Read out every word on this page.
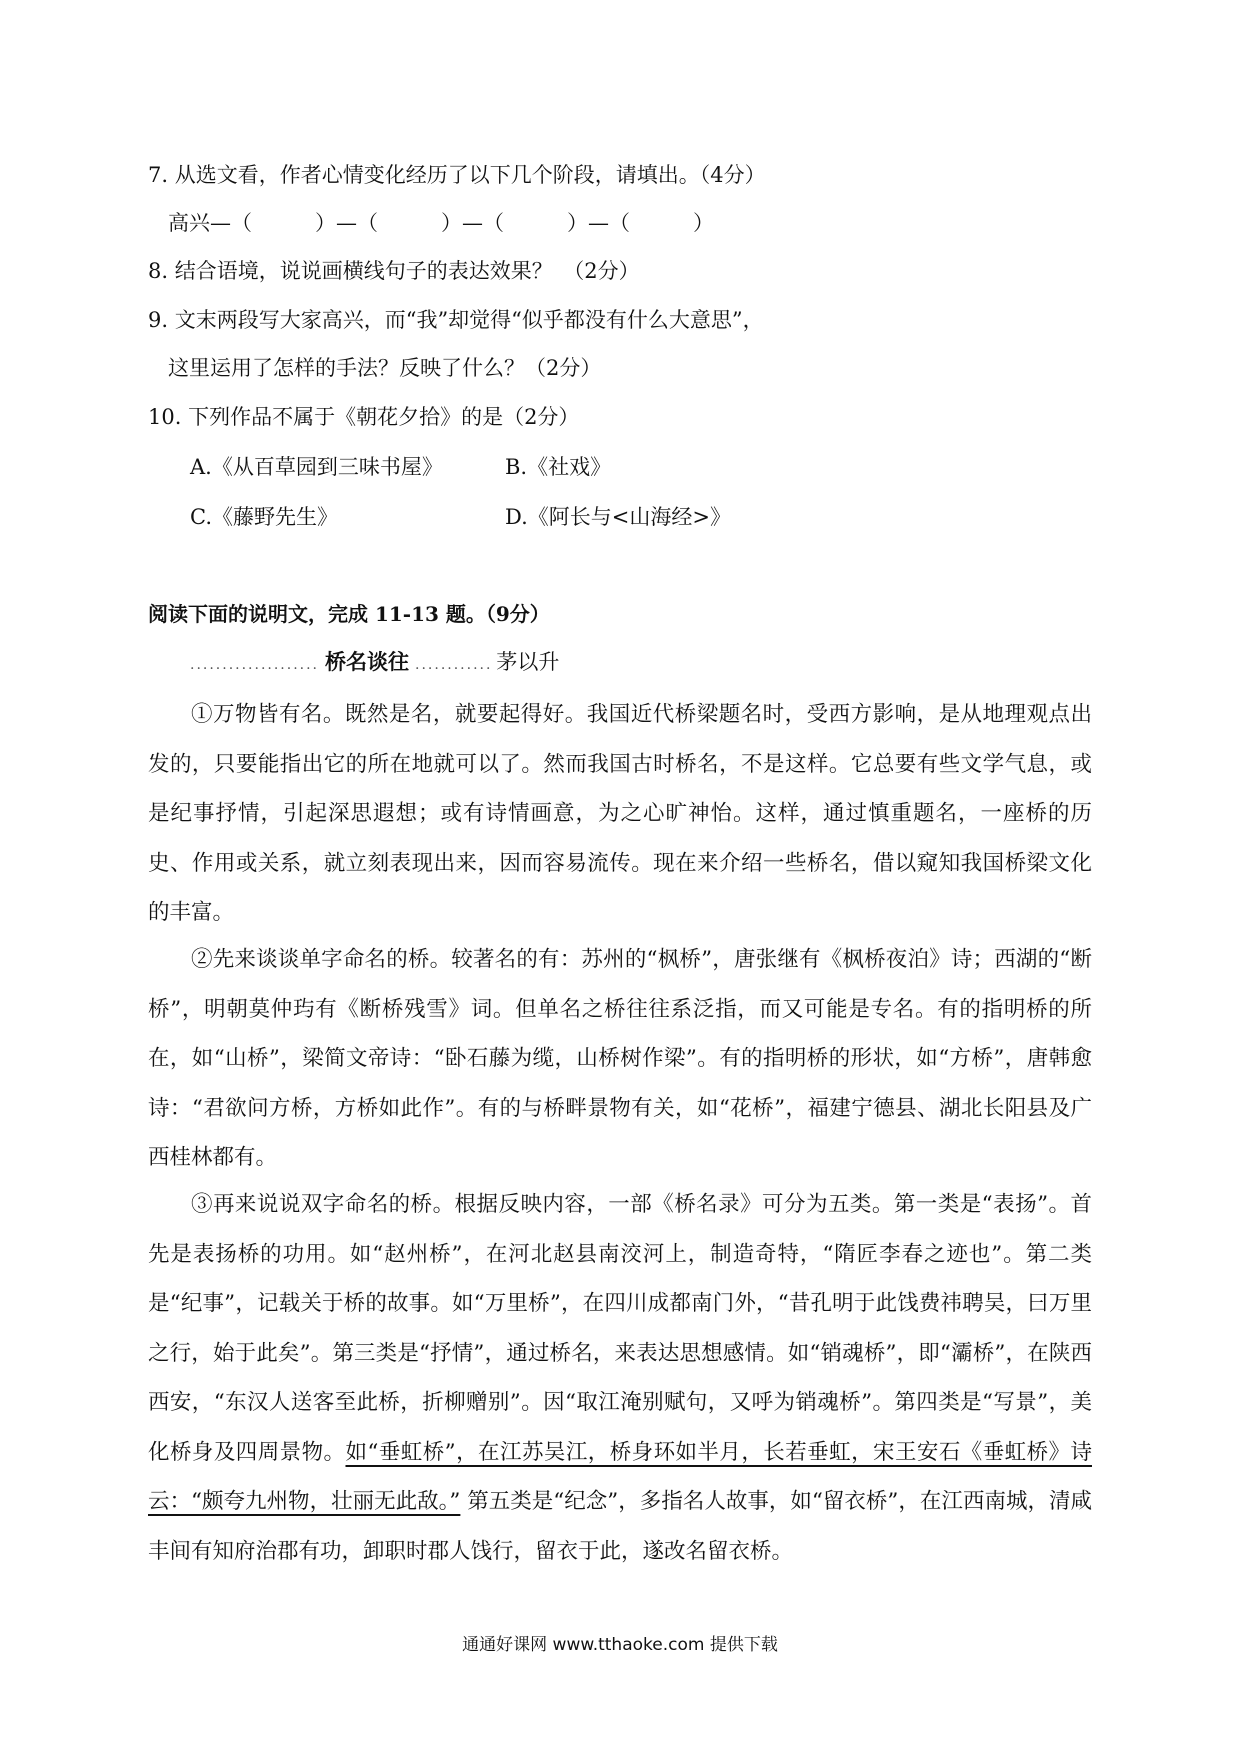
7. 从选文看，作者心情变化经历了以下几个阶段，请填出。（4分）
高兴—（　　　）—（　　　）—（　　　）—（　　　）
8. 结合语境，说说画横线句子的表达效果？　（2分）
9. 文末两段写大家高兴，而“我”却觉得“似乎都没有什么大意思”，
这里运用了怎样的手法？反映了什么？（2分）
10. 下列作品不属于《朝花夕拾》的是（2分）
A.《从百草园到三味书屋》	B.《社戏》
C.《藤野先生》	D.《阿长与<山海经>》
阅读下面的说明文，完成 11-13 题。（9分）
.................... 桥名谈往 ............ 茅以升

①万物皆有名。既然是名，就要起得好。我国近代桥梁题名时，受西方影响，是从地理观点出发的，只要能指出它的所在地就可以了。然而我国古时桥名，不是这样。它总要有些文学气息，或是纪事抒情，引起深思遐想；或有诗情画意，为之心旷神怡。这样，通过慎重题名，一座桥的历史、作用或关系，就立刻表现出来，因而容易流传。现在来介绍一些桥名，借以窥知我国桥梁文化的丰富。

②先来谈谈单字命名的桥。较著名的有：苏州的“枫桥”，唐张继有《枫桥夜泊》诗；西湖的“断桥”，明朝莫仲玙有《断桥残雪》词。但单名之桥往往系泛指，而又可能是专名。有的指明桥的所在，如“山桥”，梁简文帝诗：“卧石藤为缆，山桥树作梁”。有的指明桥的形状，如“方桥”，唐韩愈诗：“君欲问方桥，方桥如此作”。有的与桥畔景物有关，如“花桥”，福建宁德县、湖北长阳县及广西桂林都有。

③再来说说双字命名的桥。根据反映内容，一部《桥名录》可分为五类。第一类是“表扬”。首先是表扬桥的功用。如“赵州桥”，在河北赵县南洨河上，制造奇特，“隋匠李春之迹也”。第二类是“纪事”，记载关于桥的故事。如“万里桥”，在四川成都南门外，“昔孔明于此饯费祎聘吴，曰万里之行，始于此矣”。第三类是“抒情”，通过桥名，来表达思想感情。如“销魂桥”，即“灞桥”，在陕西西安，“东汉人送客至此桥，折柳赠别”。因“取江淹别赋句，又呼为销魂桥”。第四类是“写景”，美化桥身及四周景物。如“垂虹桥”，在江苏吴江，桥身环如半月，长若垂虹，宋王安石《垂虹桥》诗云：“颇夸九州物，壮丽无此敌。” 第五类是“纪念”，多指名人故事，如“留衣桥”，在江西南城，清咸丰间有知府治郡有功，卸职时郡人饯行，留衣于此，遂改名留衣桥。

通通好课网 www.tthaoke.com 提供下载
